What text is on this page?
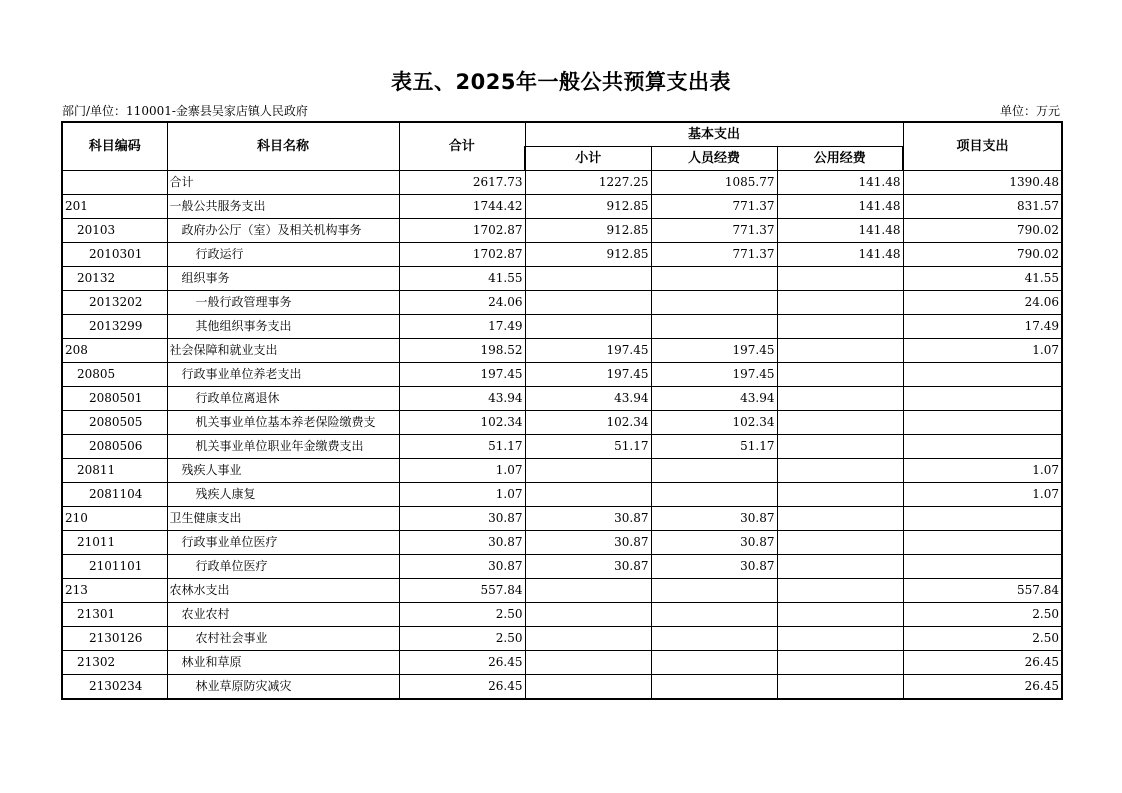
表五、2025年一般公共预算支出表
部门/单位：110001-金寨县吴家店镇人民政府	单位：万元
科目编码	科目名称	合计	基本支出			项目支出
			小计	人员经费	公用经费	
	合计	2617.73	1227.25	1085.77	141.48	1390.48
201	一般公共服务支出	1744.42	912.85	771.37	141.48	831.57
20103	政府办公厅（室）及相关机构事务	1702.87	912.85	771.37	141.48	790.02
2010301	行政运行	1702.87	912.85	771.37	141.48	790.02
20132	组织事务	41.55				41.55
2013202	一般行政管理事务	24.06				24.06
2013299	其他组织事务支出	17.49				17.49
208	社会保障和就业支出	198.52	197.45	197.45		1.07
20805	行政事业单位养老支出	197.45	197.45	197.45		
2080501	行政单位离退休	43.94	43.94	43.94		
2080505	机关事业单位基本养老保险缴费支	102.34	102.34	102.34		
2080506	机关事业单位职业年金缴费支出	51.17	51.17	51.17		
20811	残疾人事业	1.07				1.07
2081104	残疾人康复	1.07				1.07
210	卫生健康支出	30.87	30.87	30.87		
21011	行政事业单位医疗	30.87	30.87	30.87		
2101101	行政单位医疗	30.87	30.87	30.87		
213	农林水支出	557.84				557.84
21301	农业农村	2.50				2.50
2130126	农村社会事业	2.50				2.50
21302	林业和草原	26.45				26.45
2130234	林业草原防灾减灾	26.45				26.45
